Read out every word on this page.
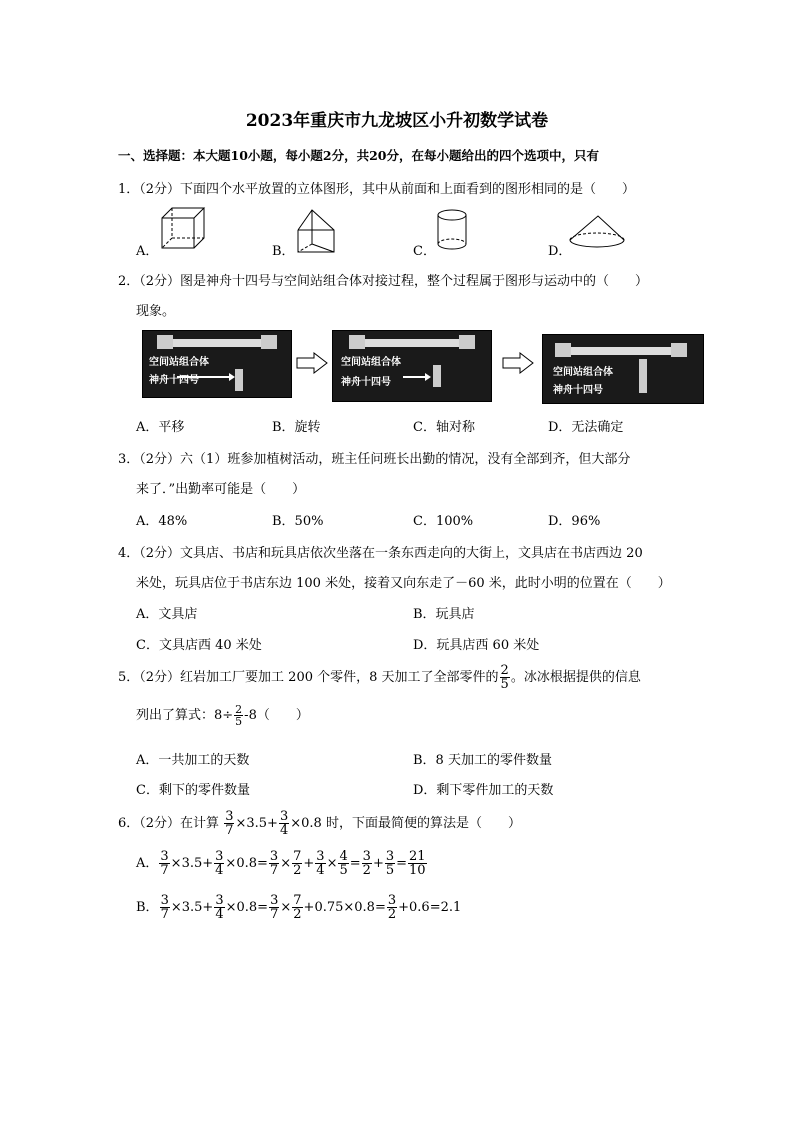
2023年重庆市九龙坡区小升初数学试卷
一、选择题：本大题10小题，每小题2分，共20分，在每小题给出的四个选项中，只有
1．（2分）下面四个水平放置的立体图形，其中从前面和上面看到的图形相同的是（　　）
A．	B．	C．	D．
2．（2分）图是神舟十四号与空间站组合体对接过程，整个过程属于图形与运动中的（　　）
现象。
空间站组合体
神舟十四号
空间站组合体
神舟十四号
空间站组合体
神舟十四号
A．平移	B．旋转	C．轴对称	D．无法确定
3．（2分）六（1）班参加植树活动，班主任问班长出勤的情况，没有全部到齐，但大部分
来了．”出勤率可能是（　　）
A．48%	B．50%	C．100%	D．96%
4．（2分）文具店、书店和玩具店依次坐落在一条东西走向的大街上，文具店在书店西边 20
米处，玩具店位于书店东边 100 米处，接着又向东走了－60 米，此时小明的位置在（　　）
A．文具店	B．玩具店
C．文具店西 40 米处	D．玩具店西 60 米处
5．（2分）红岩加工厂要加工 200 个零件，8 天加工了全部零件的 $\frac{2}{5}$ 。冰冰根据提供的信息
列出了算式：$8\div \frac{2}{5} -8$（　　）
A．一共加工的天数	B．8 天加工的零件数量
C．剩下的零件数量	D．剩下零件加工的天数
6．（2分）在计算 $\frac{3}{7} \times 3.5+ \frac{3}{4} \times 0.8$ 时，下面最简便的算法是（　　）
A． $\frac{3}{7} \times 3.5+ \frac{3}{4} \times 0.8= \frac{3}{7} \times \frac{7}{2} + \frac{3}{4} \times \frac{4}{5} = \frac{3}{2} + \frac{3}{5} = \frac{21}{10}$
B． $\frac{3}{7} \times 3.5+ \frac{3}{4} \times 0.8= \frac{3}{7} \times \frac{7}{2} +0.75\times 0.8= \frac{3}{2} +0.6=2.1$
